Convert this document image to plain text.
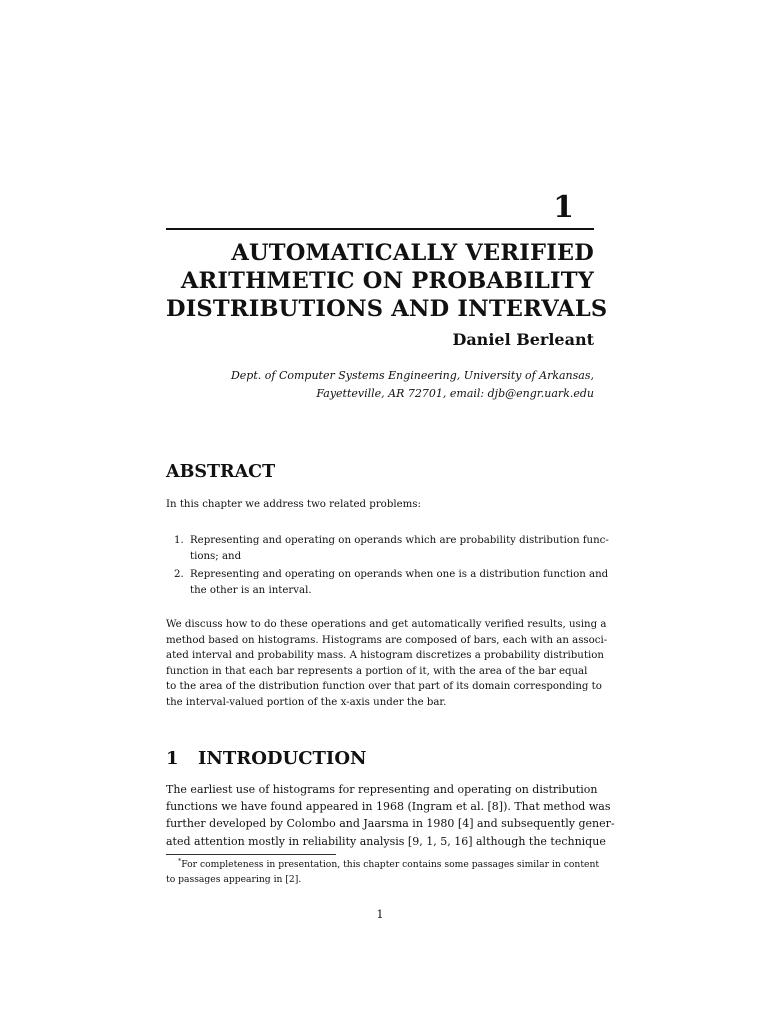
1
AUTOMATICALLY VERIFIED
ARITHMETIC ON PROBABILITY
DISTRIBUTIONS AND INTERVALS
Daniel Berleant
Dept. of Computer Systems Engineering, University of Arkansas,
Fayetteville, AR 72701, email: djb@engr.uark.edu
ABSTRACT
In this chapter we address two related problems:
1. Representing and operating on operands which are probability distribution func-
tions; and
2. Representing and operating on operands when one is a distribution function and
the other is an interval.
We discuss how to do these operations and get automatically verified results, using a
method based on histograms. Histograms are composed of bars, each with an associ-
ated interval and probability mass. A histogram discretizes a probability distribution
function in that each bar represents a portion of it, with the area of the bar equal
to the area of the distribution function over that part of its domain corresponding to
the interval-valued portion of the x-axis under the bar.
1 INTRODUCTION
The earliest use of histograms for representing and operating on distribution
functions we have found appeared in 1968 (Ingram et al. [8]). That method was
further developed by Colombo and Jaarsma in 1980 [4] and subsequently gener-
ated attention mostly in reliability analysis [9, 1, 5, 16] although the technique
*For completeness in presentation, this chapter contains some passages similar in content
to passages appearing in [2].
1
